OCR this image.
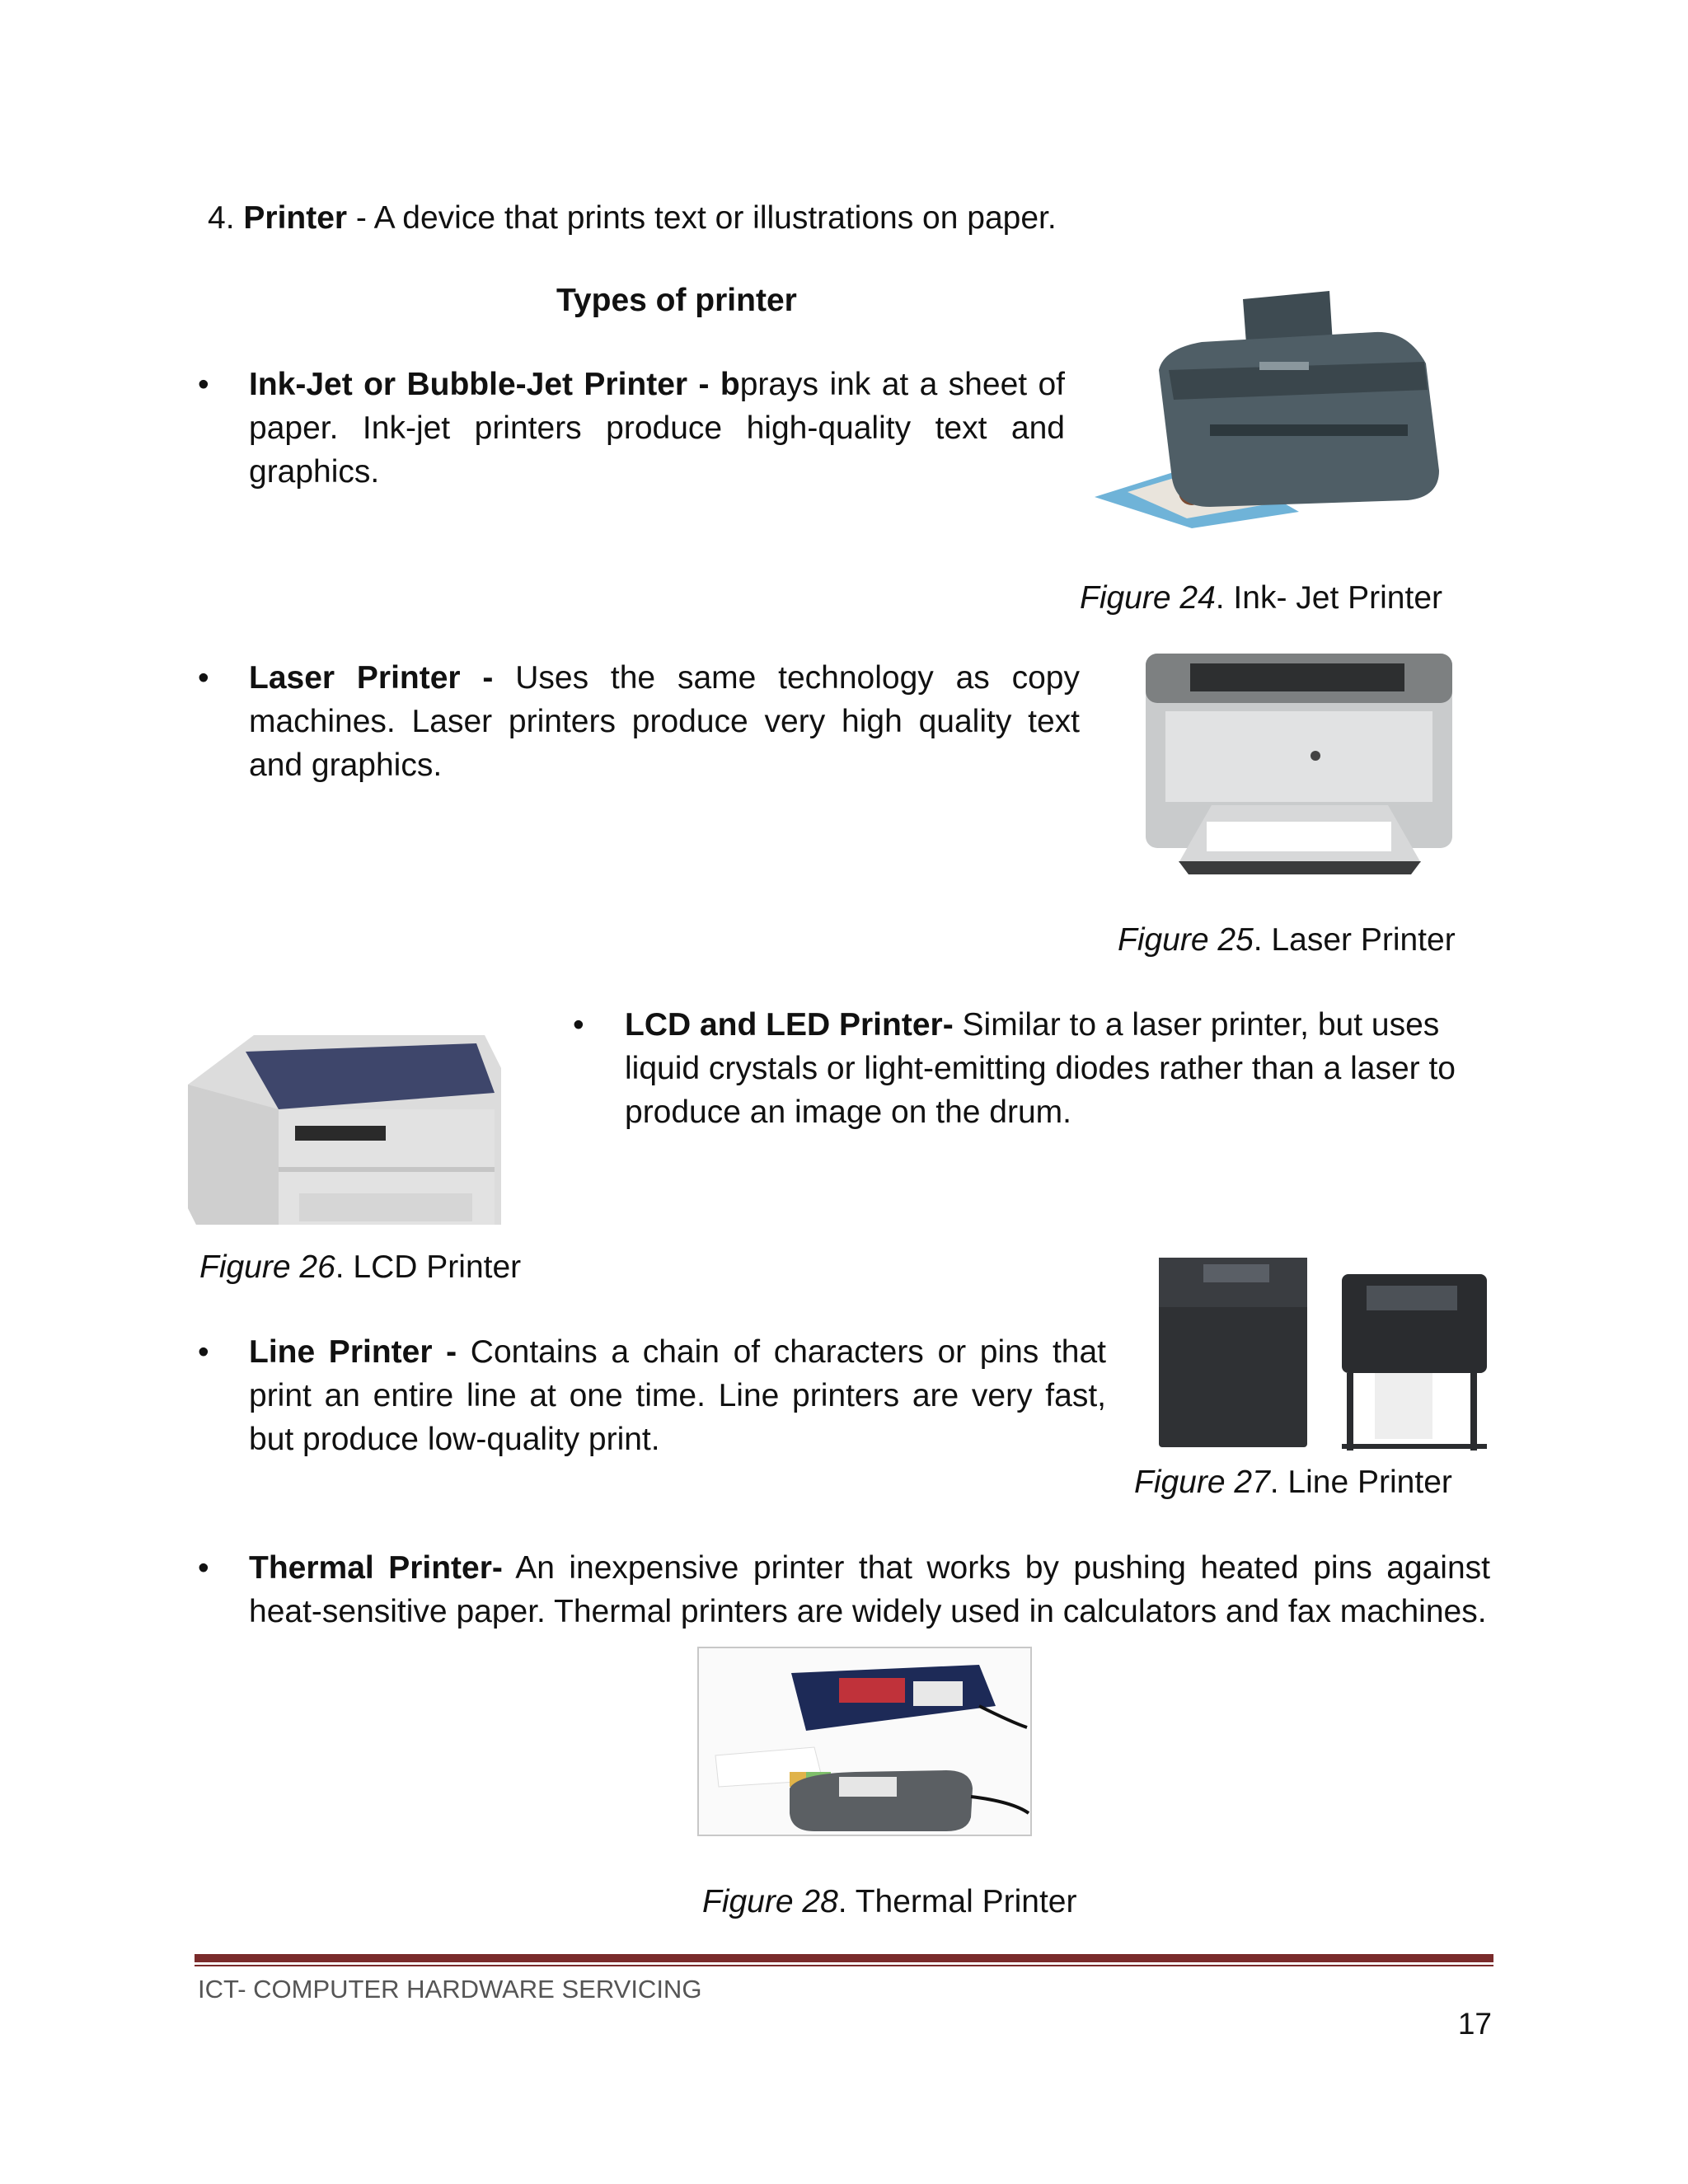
4. Printer - A device that prints text or illustrations on paper.
Types of printer
•
Ink-Jet or Bubble-Jet Printer - bprays ink at a sheet of paper. Ink-jet printers produce high-quality text and graphics.
Figure 24. Ink- Jet Printer
•
Laser Printer - Uses the same technology as copy machines. Laser printers produce very high quality text and graphics.
Figure 25. Laser Printer
•
LCD and LED Printer- Similar to a laser printer, but uses liquid crystals or light-emitting diodes rather than a laser to produce an image on the drum.
Figure 26. LCD Printer
•
Line Printer - Contains a chain of characters or pins that print an entire line at one time. Line printers are very fast, but produce low-quality print.
Figure 27. Line Printer
•
Thermal Printer- An inexpensive printer that works by pushing heated pins against heat-sensitive paper. Thermal printers are widely used in calculators and fax machines.
Figure 28. Thermal Printer
ICT- COMPUTER HARDWARE SERVICING
17
